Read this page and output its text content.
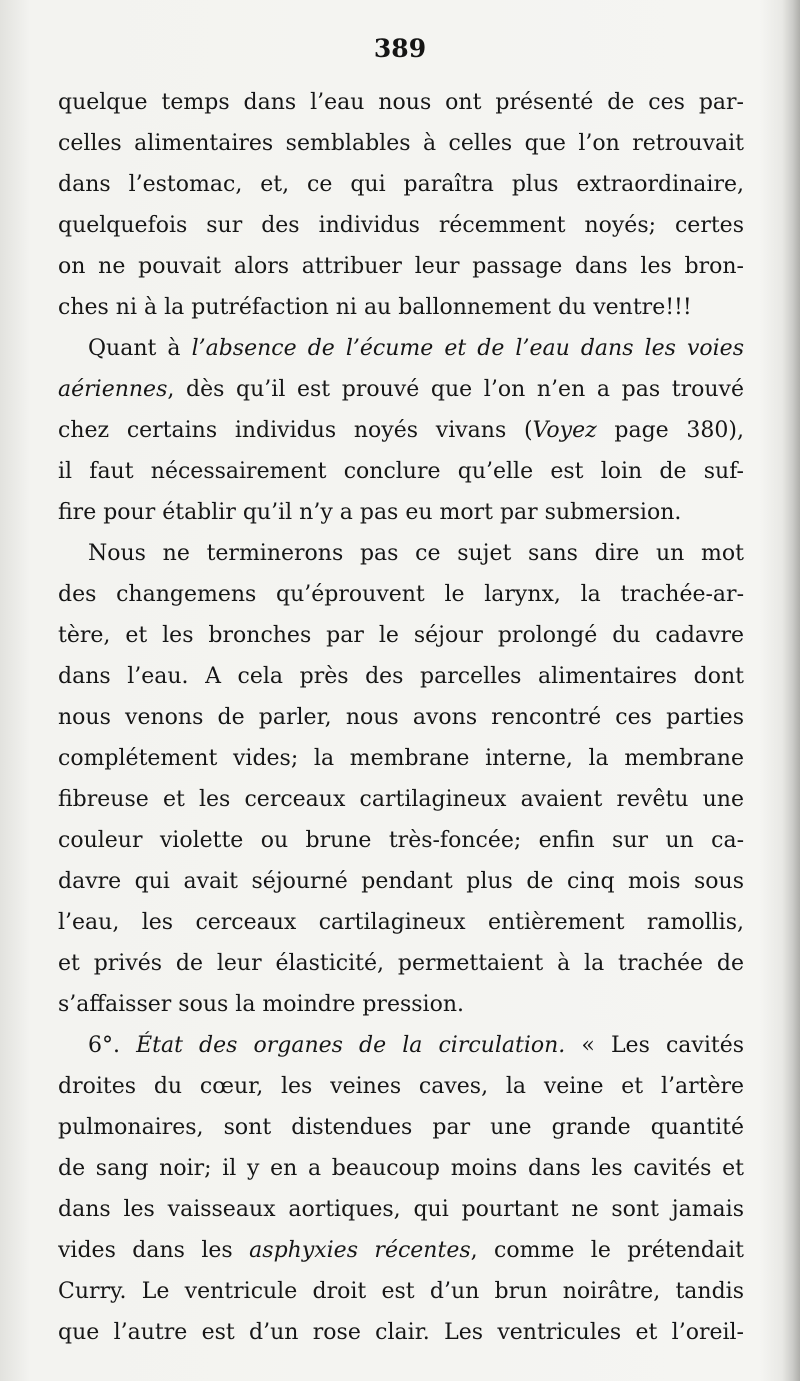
389
quelque temps dans l’eau nous ont présenté de ces par-
celles alimentaires semblables à celles que l’on retrouvait
dans l’estomac, et, ce qui paraîtra plus extraordinaire,
quelquefois sur des individus récemment noyés; certes
on ne pouvait alors attribuer leur passage dans les bron-
ches ni à la putréfaction ni au ballonnement du ventre!!!
Quant à l’absence de l’écume et de l’eau dans les voies
aériennes, dès qu’il est prouvé que l’on n’en a pas trouvé
chez certains individus noyés vivans (Voyez page 380),
il faut nécessairement conclure qu’elle est loin de suf-
fire pour établir qu’il n’y a pas eu mort par submersion.
Nous ne terminerons pas ce sujet sans dire un mot
des changemens qu’éprouvent le larynx, la trachée-ar-
tère, et les bronches par le séjour prolongé du cadavre
dans l’eau. A cela près des parcelles alimentaires dont
nous venons de parler, nous avons rencontré ces parties
complétement vides; la membrane interne, la membrane
fibreuse et les cerceaux cartilagineux avaient revêtu une
couleur violette ou brune très-foncée; enfin sur un ca-
davre qui avait séjourné pendant plus de cinq mois sous
l’eau, les cerceaux cartilagineux entièrement ramollis,
et privés de leur élasticité, permettaient à la trachée de
s’affaisser sous la moindre pression.
6°. État des organes de la circulation. « Les cavités
droites du cœur, les veines caves, la veine et l’artère
pulmonaires, sont distendues par une grande quantité
de sang noir; il y en a beaucoup moins dans les cavités et
dans les vaisseaux aortiques, qui pourtant ne sont jamais
vides dans les asphyxies récentes, comme le prétendait
Curry. Le ventricule droit est d’un brun noirâtre, tandis
que l’autre est d’un rose clair. Les ventricules et l’oreil-
